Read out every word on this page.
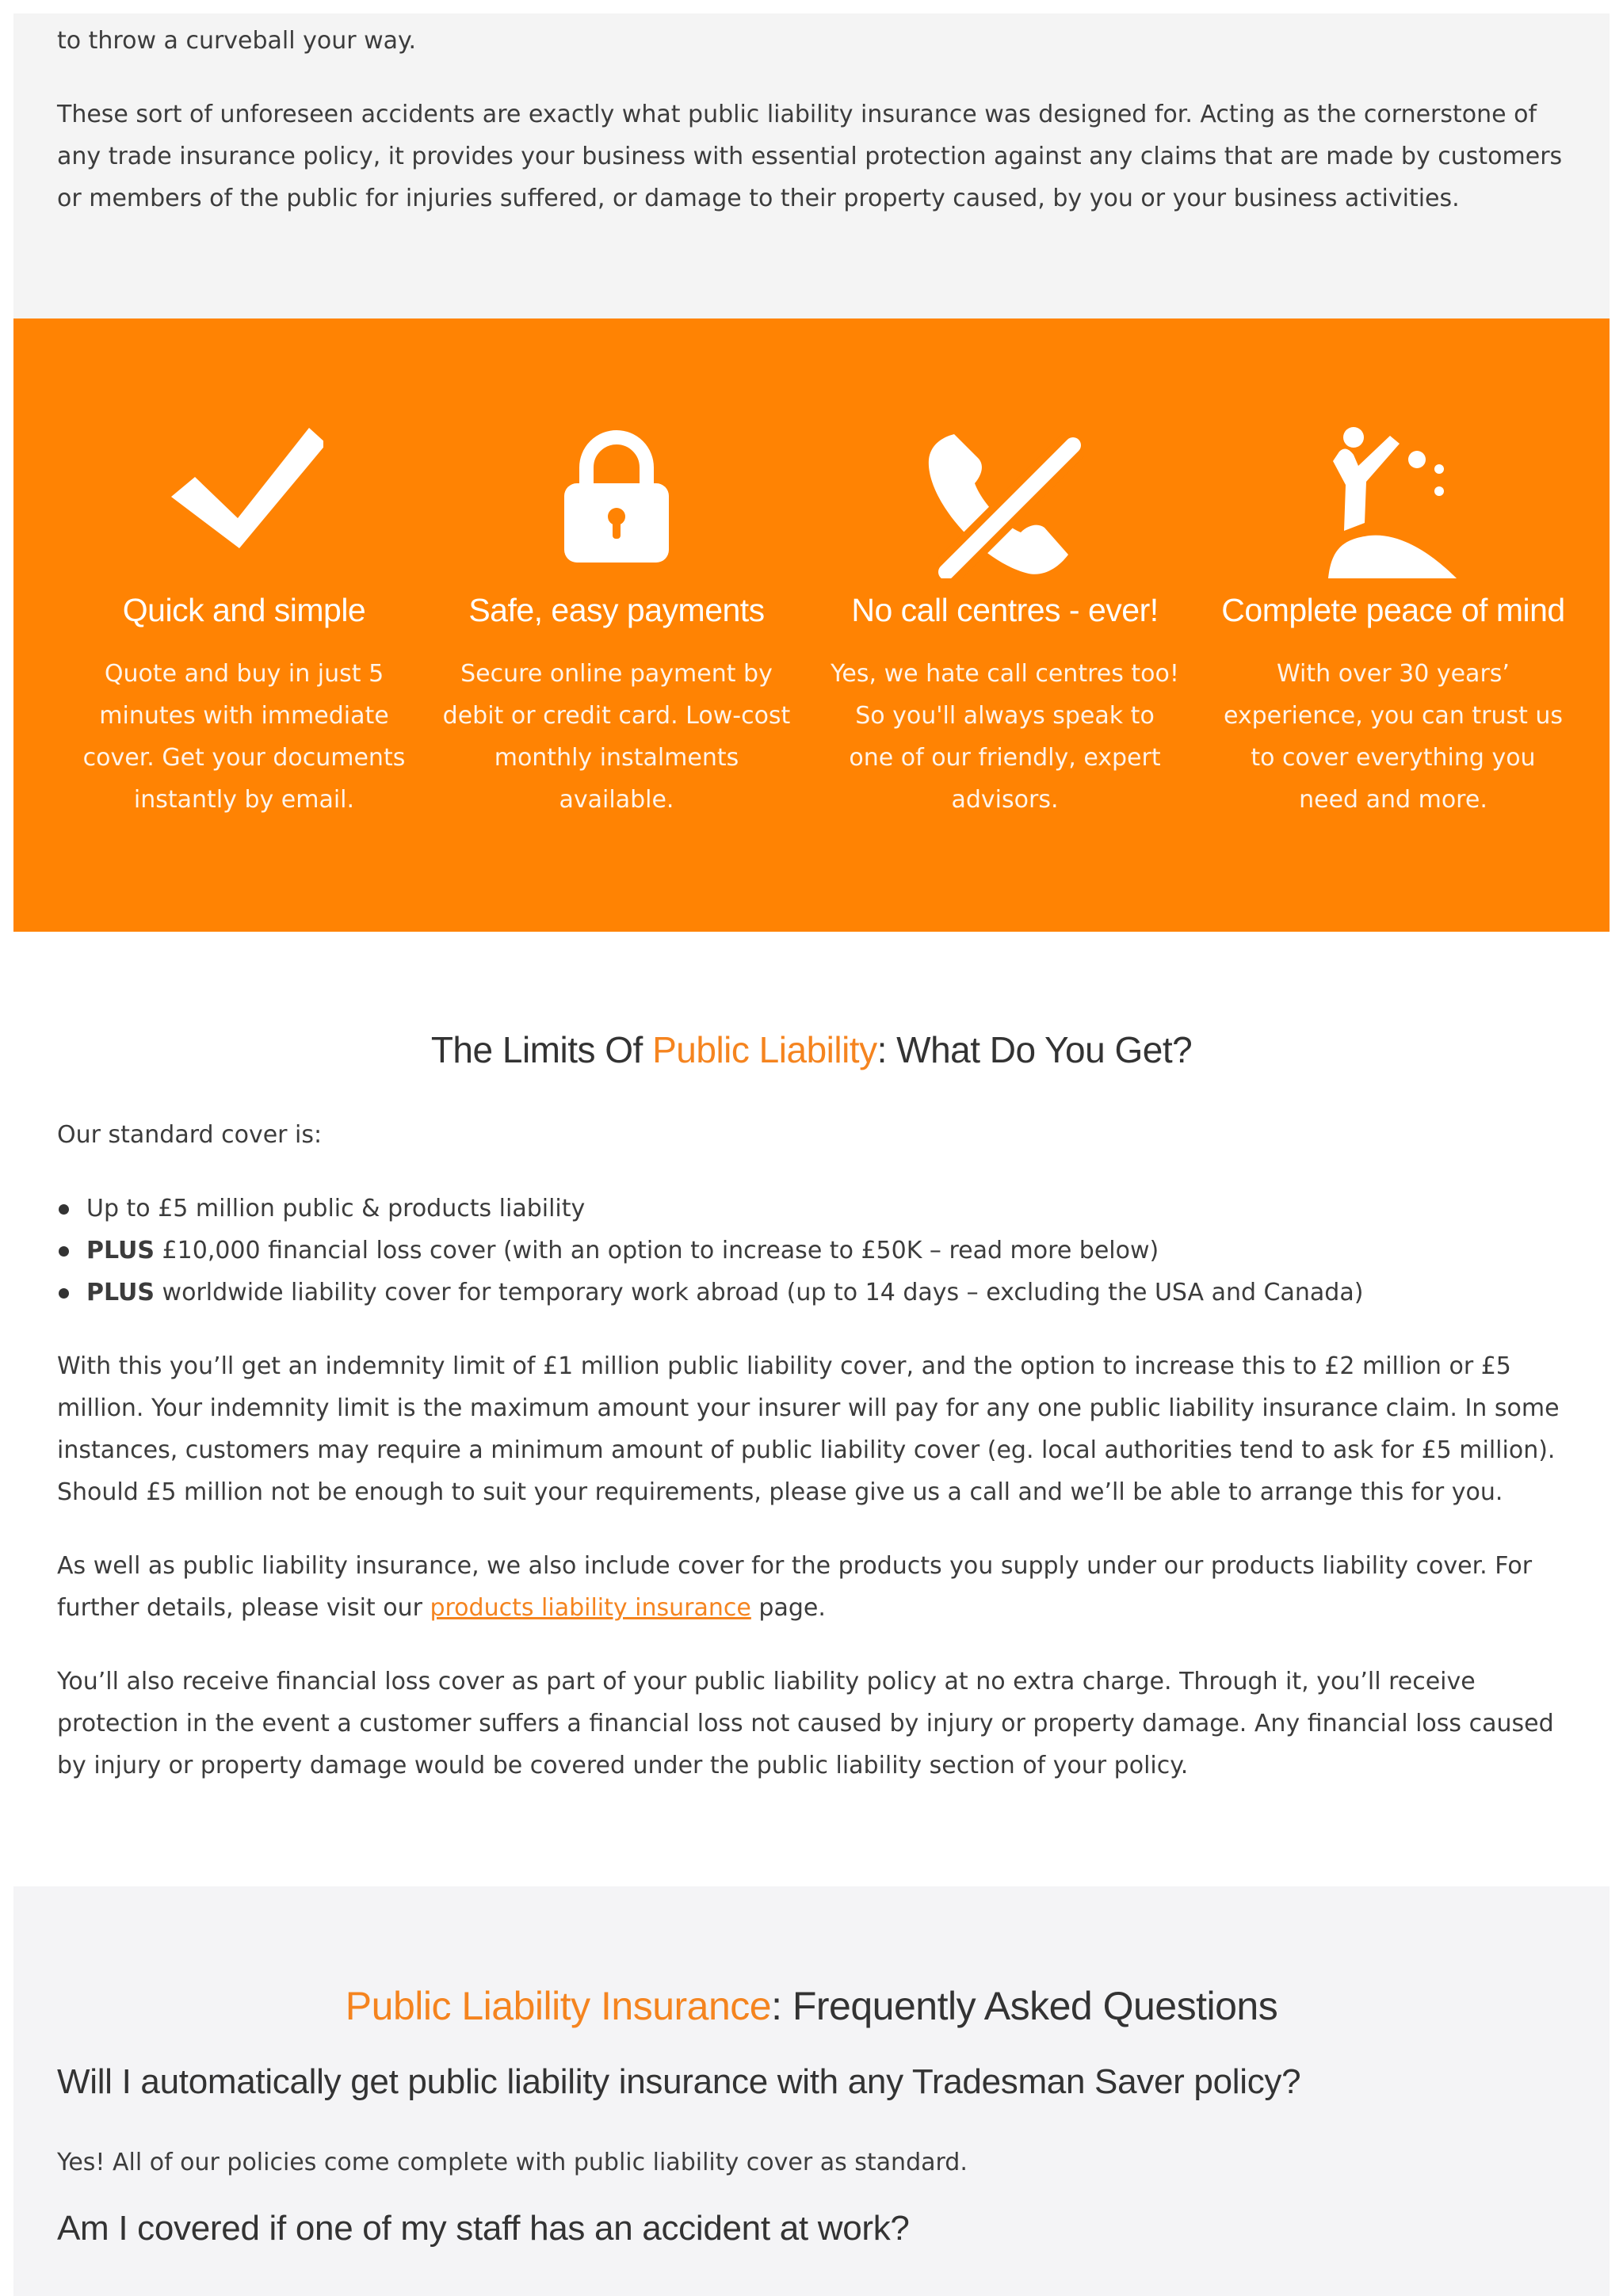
to throw a curveball your way.

These sort of unforeseen accidents are exactly what public liability insurance was designed for. Acting as the cornerstone of any trade insurance policy, it provides your business with essential protection against any claims that are made by customers or members of the public for injuries suffered, or damage to their property caused, by you or your business activities.

Quick and simple
Quote and buy in just 5 minutes with immediate cover. Get your documents instantly by email.
Safe, easy payments
Secure online payment by debit or credit card. Low-cost monthly instalments available.
No call centres - ever!
Yes, we hate call centres too! So you'll always speak to one of our friendly, expert advisors.
Complete peace of mind
With over 30 years’ experience, you can trust us to cover everything you need and more.
The Limits Of Public Liability: What Do You Get?

Our standard cover is:

Up to £5 million public & products liability
PLUS £10,000 financial loss cover (with an option to increase to £50K – read more below)
PLUS worldwide liability cover for temporary work abroad (up to 14 days – excluding the USA and Canada)

With this you’ll get an indemnity limit of £1 million public liability cover, and the option to increase this to £2 million or £5 million. Your indemnity limit is the maximum amount your insurer will pay for any one public liability insurance claim. In some instances, customers may require a minimum amount of public liability cover (eg. local authorities tend to ask for £5 million). Should £5 million not be enough to suit your requirements, please give us a call and we’ll be able to arrange this for you.

As well as public liability insurance, we also include cover for the products you supply under our products liability cover. For further details, please visit our products liability insurance page.

You’ll also receive financial loss cover as part of your public liability policy at no extra charge. Through it, you’ll receive protection in the event a customer suffers a financial loss not caused by injury or property damage. Any financial loss caused by injury or property damage would be covered under the public liability section of your policy.

Public Liability Insurance: Frequently Asked Questions
Will I automatically get public liability insurance with any Tradesman Saver policy?

Yes! All of our policies come complete with public liability cover as standard.

Am I covered if one of my staff has an accident at work?
